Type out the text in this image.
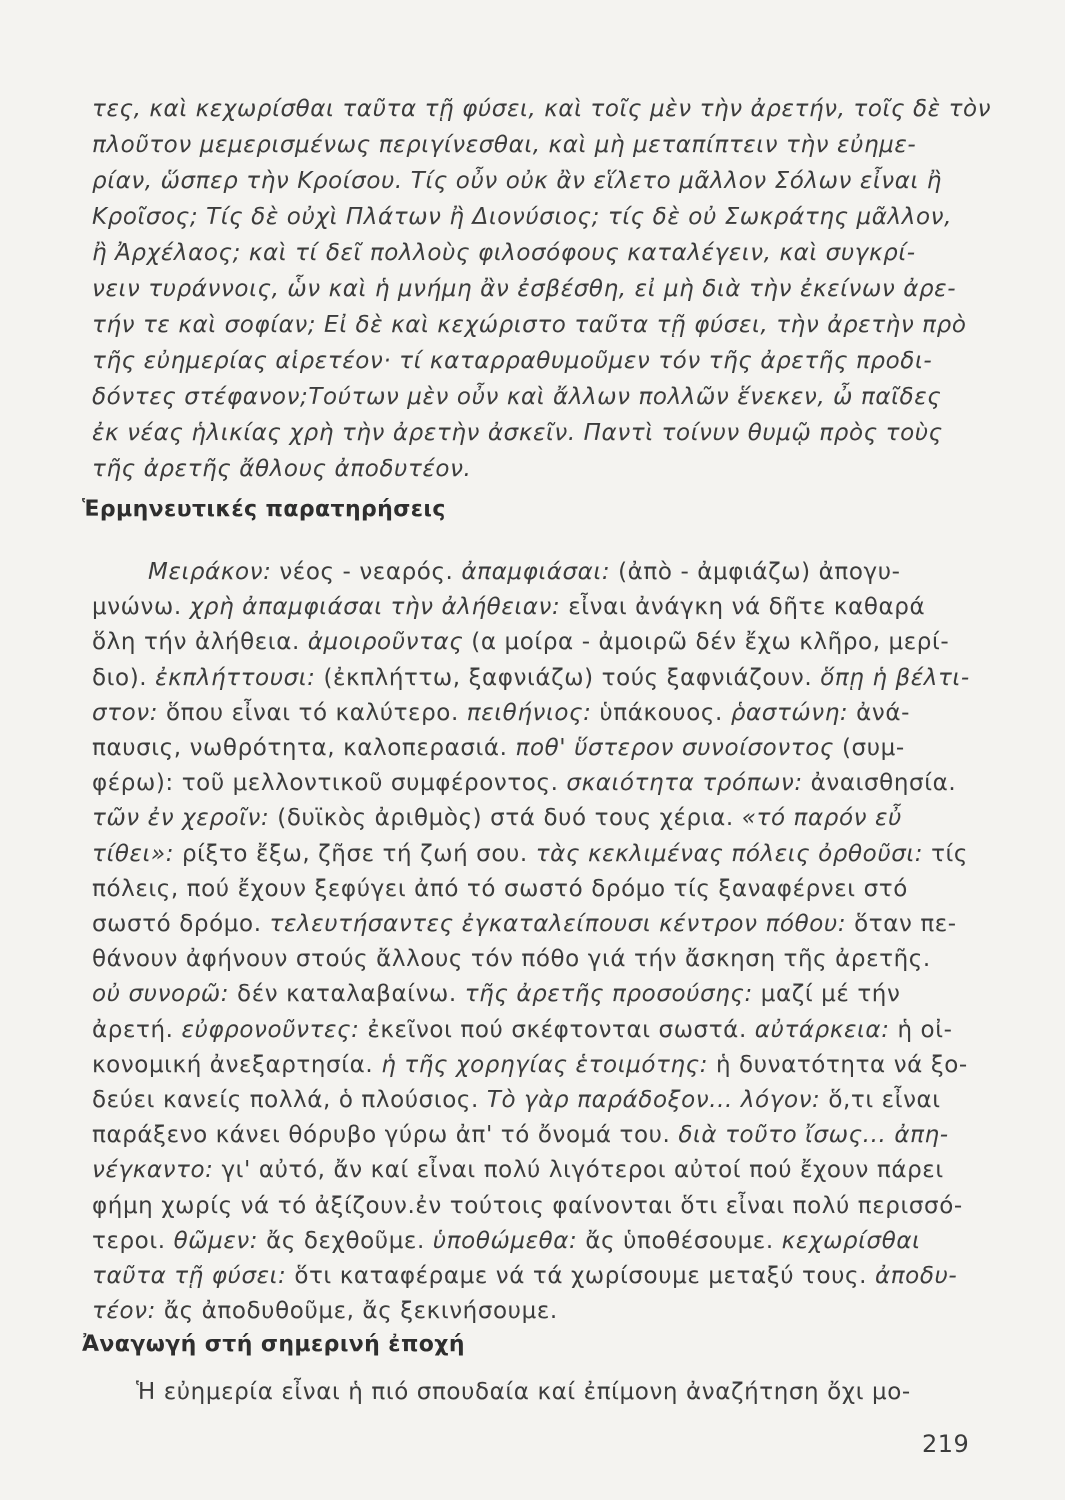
τες, καὶ κεχωρίσθαι ταῦτα τῇ φύσει, καὶ τοῖς μὲν τὴν ἀρετήν, τοῖς δὲ τὸν
πλοῦτον μεμερισμένως περιγίνεσθαι, καὶ μὴ μεταπίπτειν τὴν εὐημε-
ρίαν, ὥσπερ τὴν Κροίσου. Τίς οὖν οὐκ ἂν εἵλετο μᾶλλον Σόλων εἶναι ἢ
Κροῖσος; Τίς δὲ οὐχὶ Πλάτων ἢ Διονύσιος; τίς δὲ οὐ Σωκράτης μᾶλλον,
ἢ Ἀρχέλαος; καὶ τί δεῖ πολλοὺς φιλοσόφους καταλέγειν, καὶ συγκρί-
νειν τυράννοις, ὧν καὶ ἡ μνήμη ἂν ἐσβέσθη, εἰ μὴ διὰ τὴν ἐκείνων ἀρε-
τήν τε καὶ σοφίαν; Εἰ δὲ καὶ κεχώριστο ταῦτα τῇ φύσει, τὴν ἀρετὴν πρὸ
τῆς εὐημερίας αἱρετέον· τί καταρραθυμοῦμεν τόν τῆς ἀρετῆς προδι-
δόντες στέφανον;Τούτων μὲν οὖν καὶ ἄλλων πολλῶν ἕνεκεν, ὦ παῖδες
ἐκ νέας ἡλικίας χρὴ τὴν ἀρετὴν ἀσκεῖν. Παντὶ τοίνυν θυμῷ πρὸς τοὺς
τῆς ἀρετῆς ἄθλους ἀποδυτέον.
Ἑρμηνευτικές παρατηρήσεις
Μειράκον: νέος - νεαρός. ἀπαμφιάσαι: (ἀπὸ - ἀμφιάζω) ἀπογυ-
μνώνω. χρὴ ἀπαμφιάσαι τὴν ἀλήθειαν: εἶναι ἀνάγκη νά δῆτε καθαρά
ὅλη τήν ἀλήθεια. ἀμοιροῦντας (α μοίρα - ἀμοιρῶ δέν ἔχω κλῆρο, μερί-
διο). ἐκπλήττουσι: (ἐκπλήττω, ξαφνιάζω) τούς ξαφνιάζουν. ὅπῃ ἡ βέλτι-
στον: ὅπου εἶναι τό καλύτερο. πειθήνιος: ὑπάκουος. ῥαστώνη: ἀνά-
παυσις, νωθρότητα, καλοπερασιά. ποθ' ὕστερον συνοίσοντος (συμ-
φέρω): τοῦ μελλοντικοῦ συμφέροντος. σκαιότητα τρόπων: ἀναισθησία.
τῶν ἐν χεροῖν: (δυϊκὸς ἀριθμὸς) στά δυό τους χέρια. «τό παρόν εὖ
τίθει»: ρίξτο ἔξω, ζῆσε τή ζωή σου. τὰς κεκλιμένας πόλεις ὀρθοῦσι: τίς
πόλεις, πού ἔχουν ξεφύγει ἀπό τό σωστό δρόμο τίς ξαναφέρνει στό
σωστό δρόμο. τελευτήσαντες ἐγκαταλείπουσι κέντρον πόθου: ὅταν πε-
θάνουν ἀφήνουν στούς ἄλλους τόν πόθο γιά τήν ἄσκηση τῆς ἀρετῆς.
οὐ συνορῶ: δέν καταλαβαίνω. τῆς ἀρετῆς προσούσης: μαζί μέ τήν
ἀρετή. εὐφρονοῦντες: ἐκεῖνοι πού σκέφτονται σωστά. αὐτάρκεια: ἡ οἰ-
κονομική ἀνεξαρτησία. ἡ τῆς χορηγίας ἑτοιμότης: ἡ δυνατότητα νά ξο-
δεύει κανείς πολλά, ὁ πλούσιος. Τὸ γὰρ παράδοξον... λόγον: ὅ,τι εἶναι
παράξενο κάνει θόρυβο γύρω ἀπ' τό ὄνομά του. διὰ τοῦτο ἴσως... ἀπη-
νέγκαντο: γι' αὐτό, ἄν καί εἶναι πολύ λιγότεροι αὐτοί πού ἔχουν πάρει
φήμη χωρίς νά τό ἀξίζουν.ἐν τούτοις φαίνονται ὅτι εἶναι πολύ περισσό-
τεροι. θῶμεν: ἄς δεχθοῦμε. ὑποθώμεθα: ἄς ὑποθέσουμε. κεχωρίσθαι
ταῦτα τῇ φύσει: ὅτι καταφέραμε νά τά χωρίσουμε μεταξύ τους. ἀποδυ-
τέον: ἄς ἀποδυθοῦμε, ἄς ξεκινήσουμε.
Ἀναγωγή στή σημερινή ἐποχή
Ἡ εὐημερία εἶναι ἡ πιό σπουδαία καί ἐπίμονη ἀναζήτηση ὄχι μο-
219
